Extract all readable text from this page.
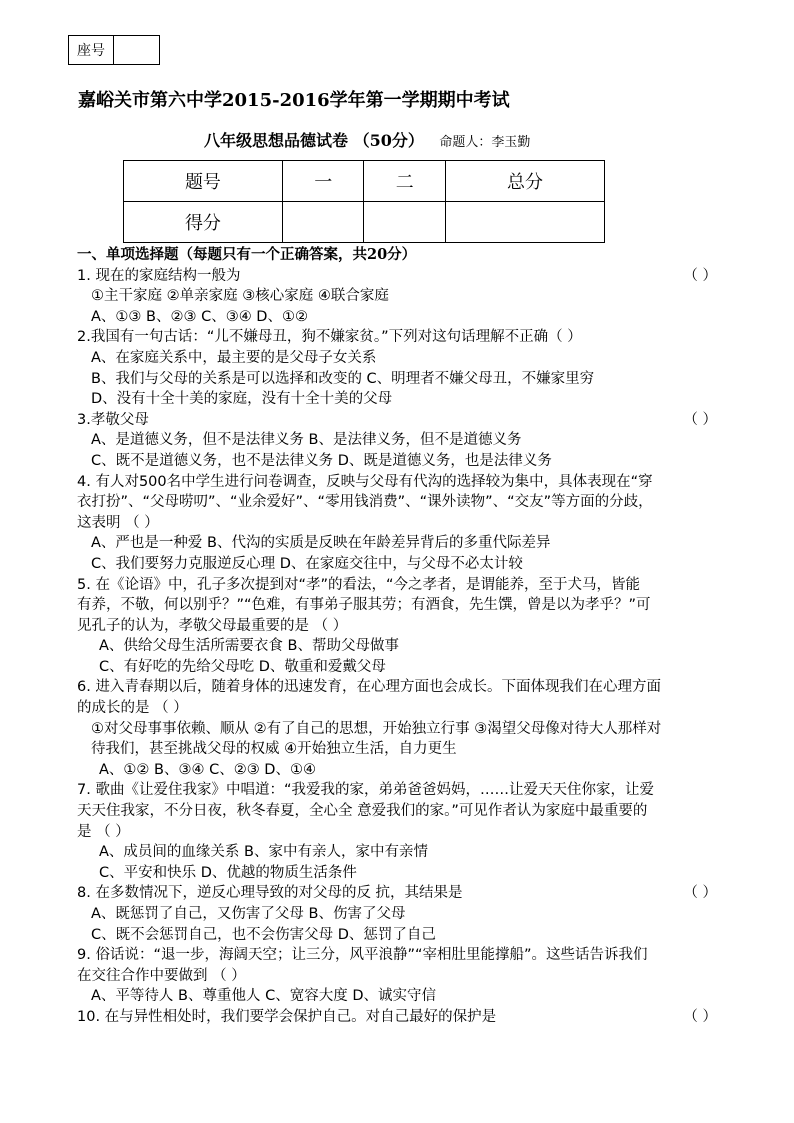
座号
嘉峪关市第六中学2015-2016学年第一学期期中考试
八年级思想品德试卷 （50分） 命题人：李玉勤
题号	一	二	总分
得分			

一、单项选择题（每题只有一个正确答案，共20分）

1. 现在的家庭结构一般为	（ ）

①主干家庭 ②单亲家庭 ③核心家庭 ④联合家庭

A、①③ B、②③ C、③④ D、①②

2.我国有一句古话：“儿不嫌母丑，狗不嫌家贫。”下列对这句话理解不正确（ ）

A、在家庭关系中，最主要的是父母子女关系

B、我们与父母的关系是可以选择和改变的 C、明理者不嫌父母丑，不嫌家里穷

D、没有十全十美的家庭，没有十全十美的父母

3.孝敬父母	（ ）

A、是道德义务，但不是法律义务 B、是法律义务，但不是道德义务

C、既不是道德义务，也不是法律义务 D、既是道德义务，也是法律义务

4. 有人对500名中学生进行问卷调查，反映与父母有代沟的选择较为集中，具体表现在“穿

衣打扮”、“父母唠叨”、“业余爱好”、“零用钱消费”、“课外读物”、“交友”等方面的分歧，

这表明 （ ）

A、严也是一种爱 B、代沟的实质是反映在年龄差异背后的多重代际差异

C、我们要努力克服逆反心理 D、在家庭交往中，与父母不必太计较

5. 在《论语》中，孔子多次提到对“孝”的看法，“今之孝者，是谓能养，至于犬马，皆能

有养，不敬，何以别乎？”“色难，有事弟子服其劳；有酒食，先生馔，曾是以为孝乎？”可

见孔子的认为，孝敬父母最重要的是 （ ）

A、供给父母生活所需要衣食 B、帮助父母做事

C、有好吃的先给父母吃 D、敬重和爱戴父母

6. 进入青春期以后，随着身体的迅速发育，在心理方面也会成长。下面体现我们在心理方面

的成长的是 （ ）

①对父母事事依赖、顺从 ②有了自己的思想，开始独立行事 ③渴望父母像对待大人那样对

待我们，甚至挑战父母的权威 ④开始独立生活，自力更生

A、①② B、③④ C、②③ D、①④

7. 歌曲《让爱住我家》中唱道：“我爱我的家，弟弟爸爸妈妈，……让爱天天住你家，让爱

天天住我家，不分日夜，秋冬春夏，全心全 意爱我们的家。”可见作者认为家庭中最重要的

是 （ ）

A、成员间的血缘关系 B、家中有亲人，家中有亲情

C、平安和快乐 D、优越的物质生活条件

8. 在多数情况下，逆反心理导致的对父母的反 抗，其结果是	（ ）

A、既惩罚了自己，又伤害了父母 B、伤害了父母

C、既不会惩罚自己，也不会伤害父母 D、惩罚了自己

9. 俗话说：“退一步，海阔天空；让三分，风平浪静”“宰相肚里能撑船”。这些话告诉我们

在交往合作中要做到 （ ）

A、平等待人 B、尊重他人 C、宽容大度 D、诚实守信

10. 在与异性相处时，我们要学会保护自己。对自己最好的保护是	（ ）
